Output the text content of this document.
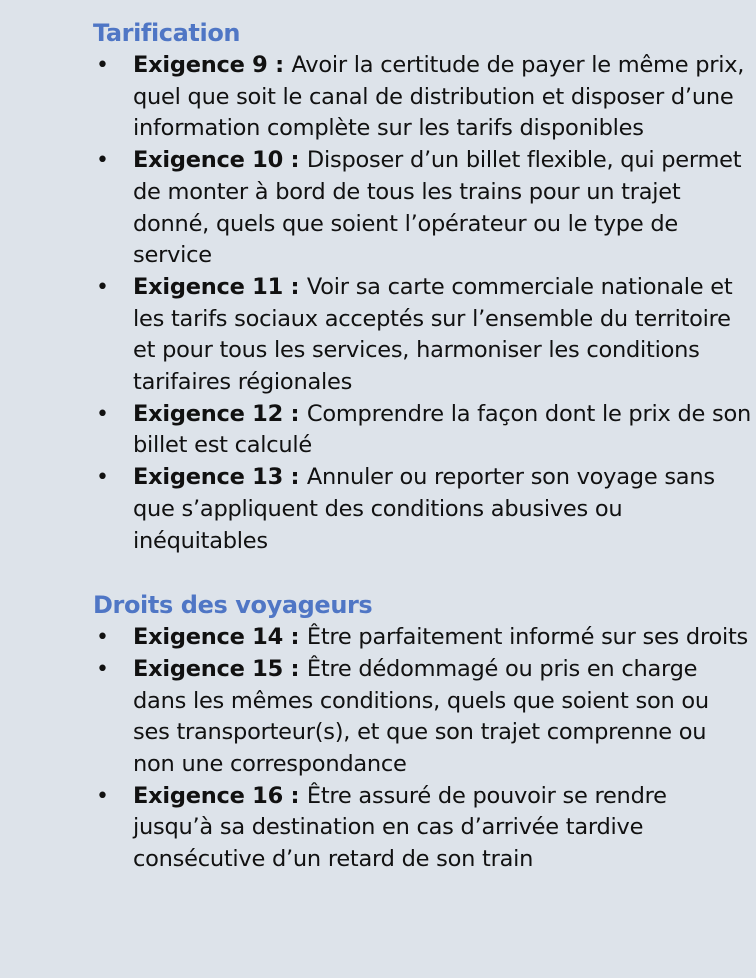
Tarification
• Exigence 9 : Avoir la certitude de payer le même prix, quel que soit le canal de distribution et disposer d’une information complète sur les tarifs disponibles
• Exigence 10 : Disposer d’un billet flexible, qui permet de monter à bord de tous les trains pour un trajet donné, quels que soient l’opérateur ou le type de service
• Exigence 11 : Voir sa carte commerciale nationale et les tarifs sociaux acceptés sur l’ensemble du territoire et pour tous les services, harmoniser les conditions tarifaires régionales
• Exigence 12 : Comprendre la façon dont le prix de son billet est calculé
• Exigence 13 : Annuler ou reporter son voyage sans que s’appliquent des conditions abusives ou inéquitables
Droits des voyageurs
• Exigence 14 : Être parfaitement informé sur ses droits
• Exigence 15 : Être dédommagé ou pris en charge dans les mêmes conditions, quels que soient son ou ses transporteur(s), et que son trajet comprenne ou non une correspondance
• Exigence 16 : Être assuré de pouvoir se rendre jusqu’à sa destination en cas d’arrivée tardive consécutive d’un retard de son train
